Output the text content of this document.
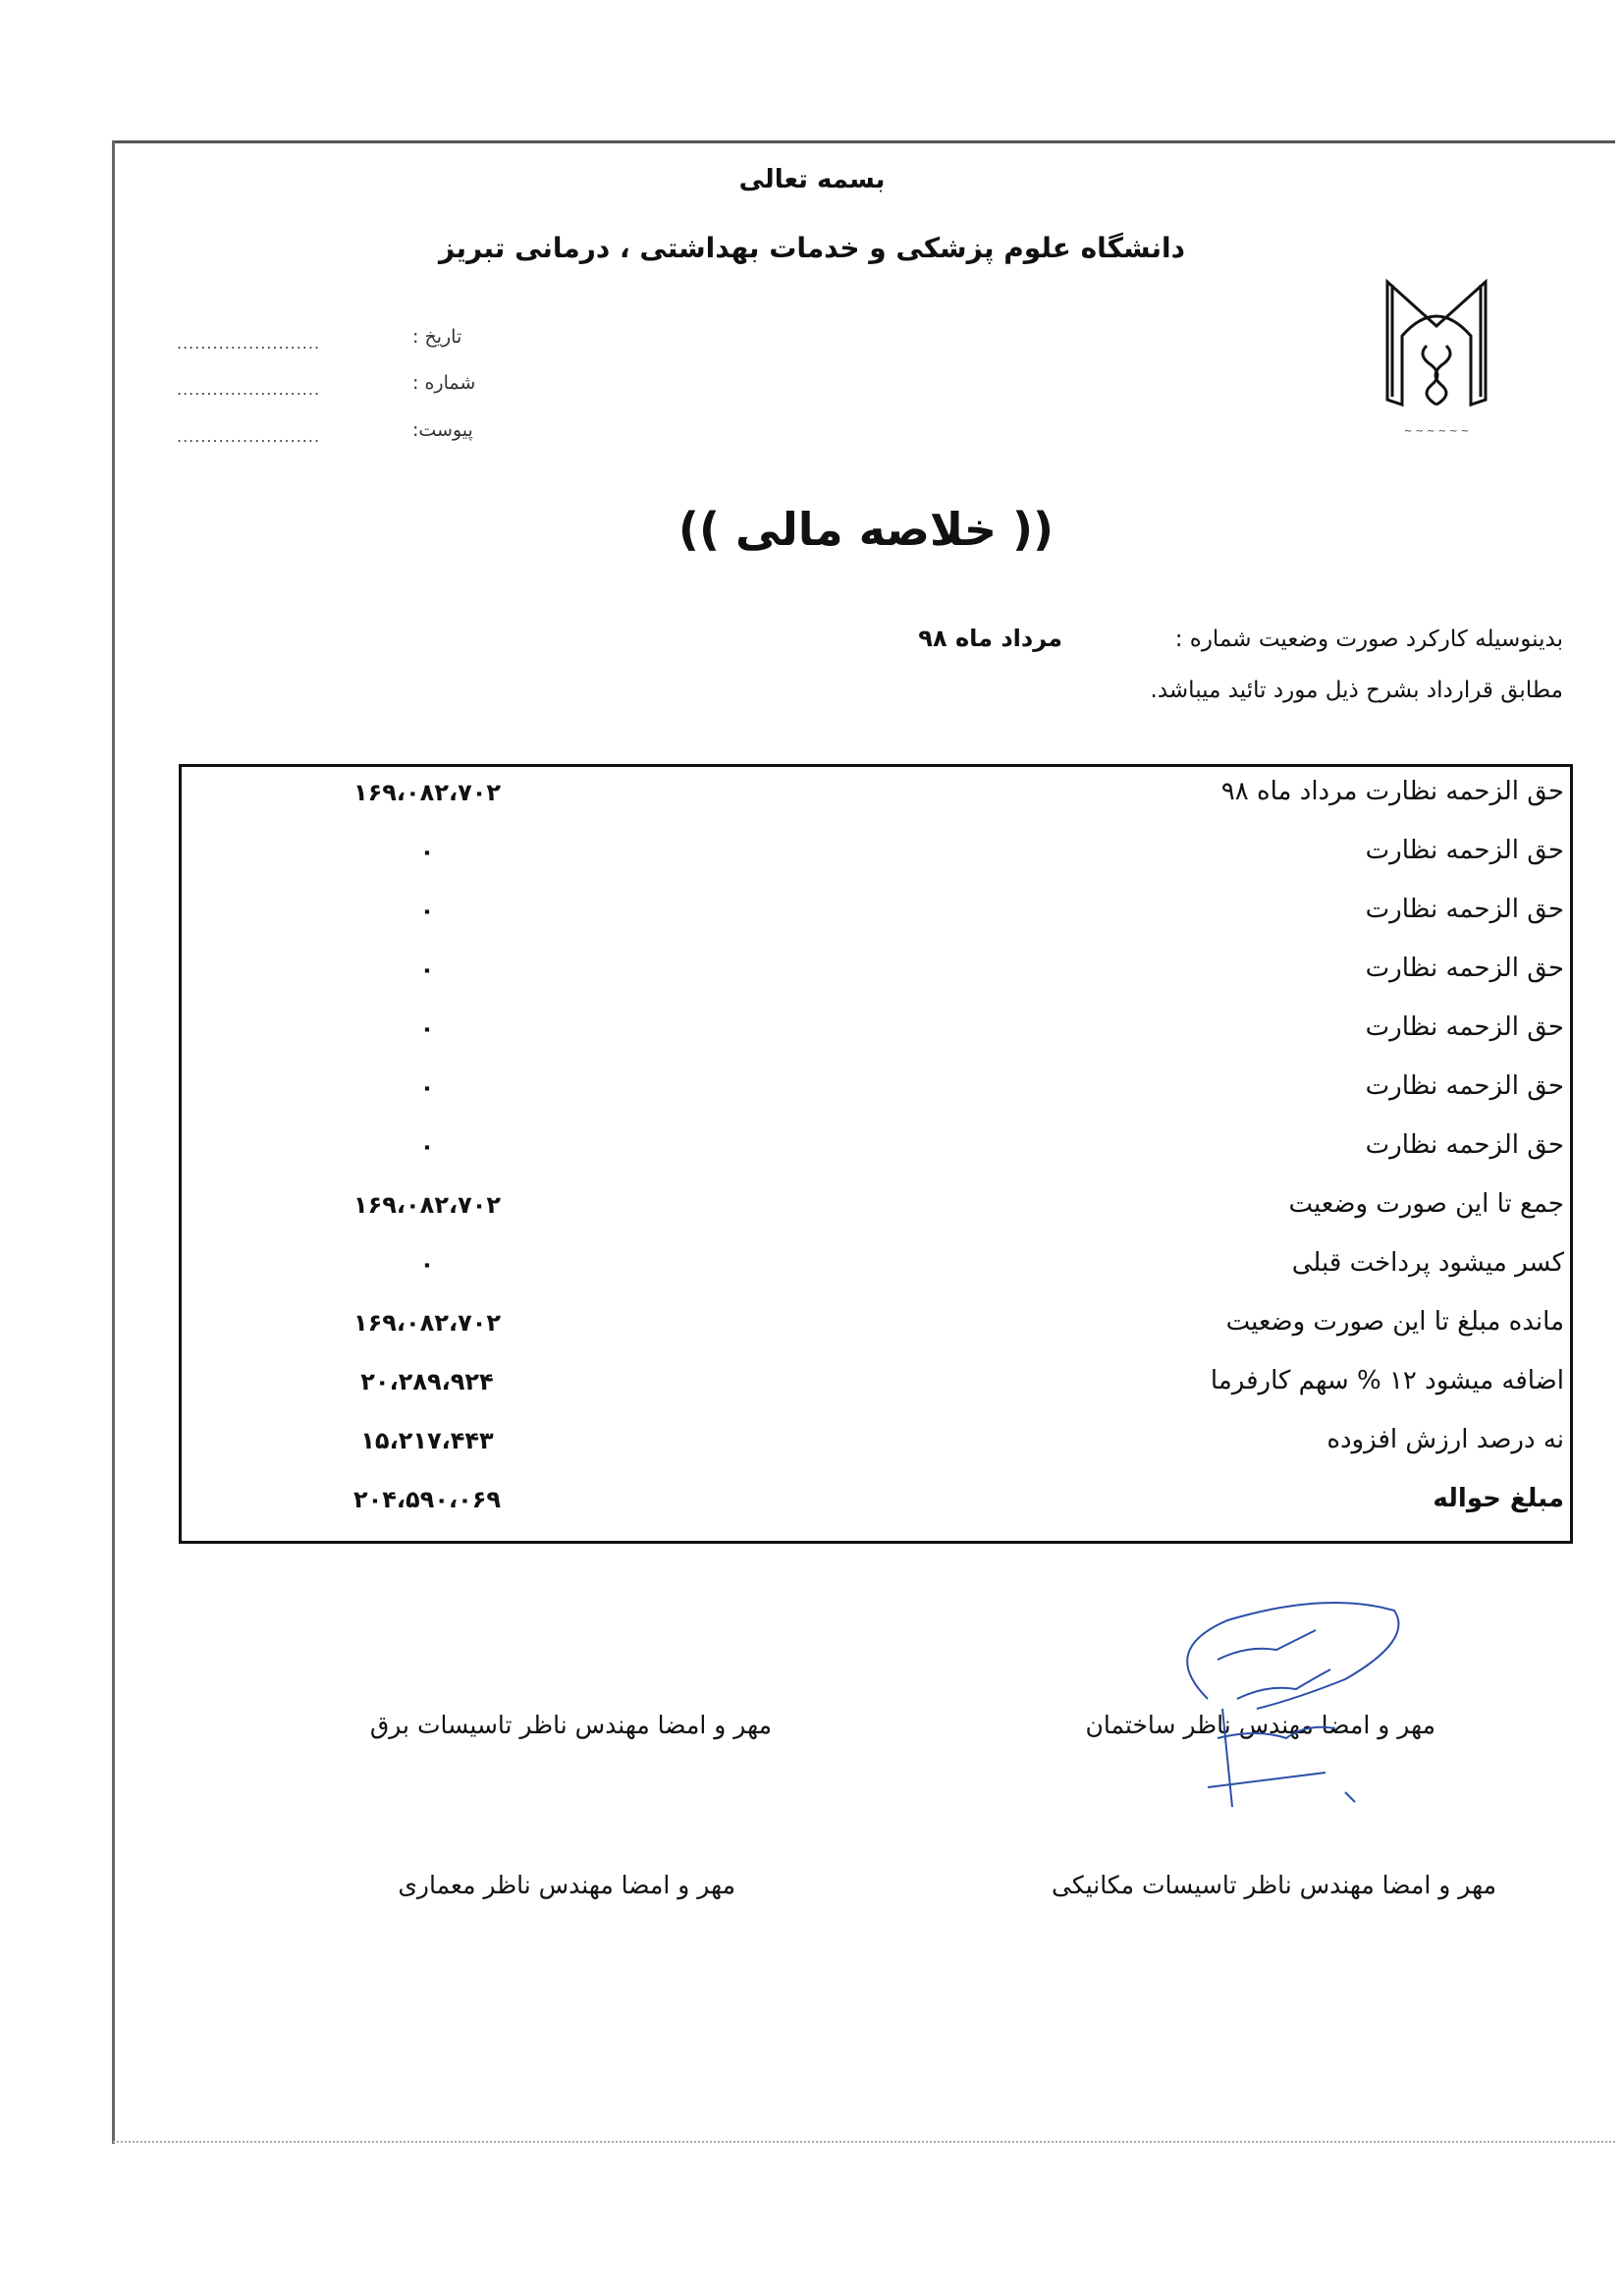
بسمه تعالی
دانشگاه علوم پزشکی و خدمات بهداشتی ، درمانی تبریز
~ ~ ~ ~ ~ ~
تاریخ :
........................
شماره :
........................
پیوست:
........................
(( خلاصه مالی ))
بدینوسیله کارکرد صورت وضعیت شماره :
مرداد ماه ۹۸
مطابق قرارداد بشرح ذیل مورد تائید میباشد.
حق الزحمه نظارت مرداد ماه ۹۸
۱۶۹،۰۸۲،۷۰۲
حق الزحمه نظارت
۰
حق الزحمه نظارت
۰
حق الزحمه نظارت
۰
حق الزحمه نظارت
۰
حق الزحمه نظارت
۰
حق الزحمه نظارت
۰
جمع تا این صورت وضعیت
۱۶۹،۰۸۲،۷۰۲
کسر میشود پرداخت قبلی
۰
مانده مبلغ تا این صورت وضعیت
۱۶۹،۰۸۲،۷۰۲
اضافه میشود ۱۲ % سهم کارفرما
۲۰،۲۸۹،۹۲۴
نه درصد ارزش افزوده
۱۵،۲۱۷،۴۴۳
مبلغ حواله
۲۰۴،۵۹۰،۰۶۹
مهر و امضا مهندس ناظر ساختمان
مهر و امضا مهندس ناظر تاسیسات برق
مهر و امضا مهندس ناظر تاسیسات مکانیکی
مهر و امضا مهندس ناظر معماری
